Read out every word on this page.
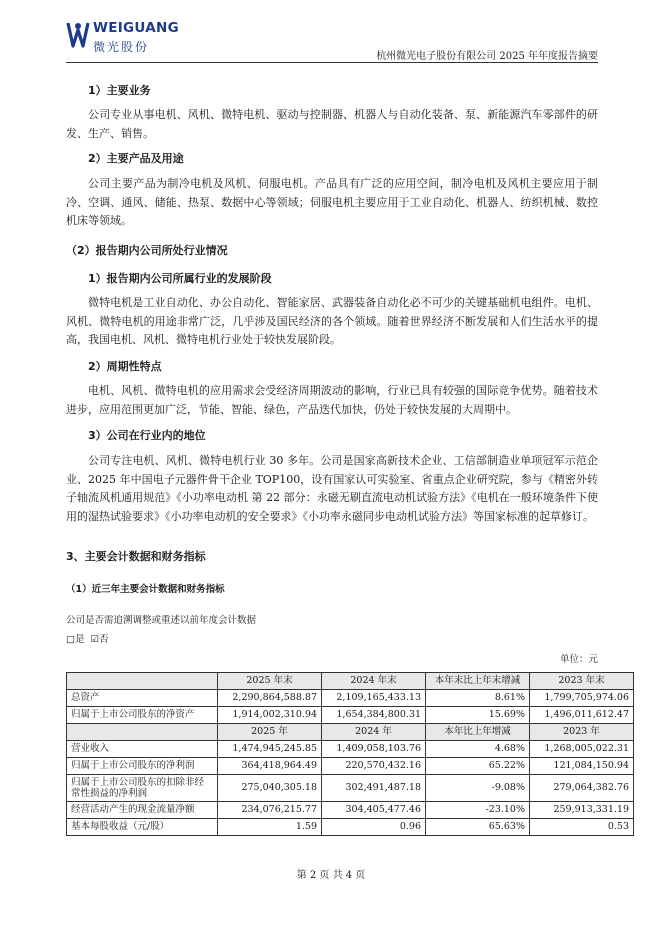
WEIGUANG
微光股份
杭州微光电子股份有限公司 2025 年年度报告摘要
1）主要业务
公司专业从事电机、风机、微特电机、驱动与控制器、机器人与自动化装备、泵、新能源汽车零部件的研发、生产、销售。
2）主要产品及用途
公司主要产品为制冷电机及风机、伺服电机。产品具有广泛的应用空间，制冷电机及风机主要应用于制冷、空调、通风、储能、热泵、数据中心等领域；伺服电机主要应用于工业自动化、机器人、纺织机械、数控机床等领域。
（2）报告期内公司所处行业情况
1）报告期内公司所属行业的发展阶段
微特电机是工业自动化、办公自动化、智能家居、武器装备自动化必不可少的关键基础机电组件。电机、风机、微特电机的用途非常广泛，几乎涉及国民经济的各个领域。随着世界经济不断发展和人们生活水平的提高，我国电机、风机、微特电机行业处于较快发展阶段。
2）周期性特点
电机、风机、微特电机的应用需求会受经济周期波动的影响，行业已具有较强的国际竞争优势。随着技术进步，应用范围更加广泛，节能、智能、绿色，产品迭代加快，仍处于较快发展的大周期中。
3）公司在行业内的地位
公司专注电机、风机、微特电机行业 30 多年。公司是国家高新技术企业、工信部制造业单项冠军示范企业、2025 年中国电子元器件骨干企业 TOP100，设有国家认可实验室、省重点企业研究院，参与《精密外转子轴流风机通用规范》《小功率电动机 第 22 部分：永磁无刷直流电动机试验方法》《电机在一般环境条件下使用的湿热试验要求》《小功率电动机的安全要求》《小功率永磁同步电动机试验方法》等国家标准的起草修订。
3、主要会计数据和财务指标
（1）近三年主要会计数据和财务指标
公司是否需追溯调整或重述以前年度会计数据
□是 ☑否
单位：元
	2025 年末	2024 年末	本年末比上年末增减	2023 年末
总资产	2,290,864,588.87	2,109,165,433.13	8.61%	1,799,705,974.06
归属于上市公司股东的净资产	1,914,002,310.94	1,654,384,800.31	15.69%	1,496,011,612.47
	2025 年	2024 年	本年比上年增减	2023 年
营业收入	1,474,945,245.85	1,409,058,103.76	4.68%	1,268,005,022.31
归属于上市公司股东的净利润	364,418,964.49	220,570,432.16	65.22%	121,084,150.94
归属于上市公司股东的扣除非经常性损益的净利润	275,040,305.18	302,491,487.18	-9.08%	279,064,382.76
经营活动产生的现金流量净额	234,076,215.77	304,405,477.46	-23.10%	259,913,331.19
基本每股收益（元/股）	1.59	0.96	65.63%	0.53
第 2 页 共 4 页
